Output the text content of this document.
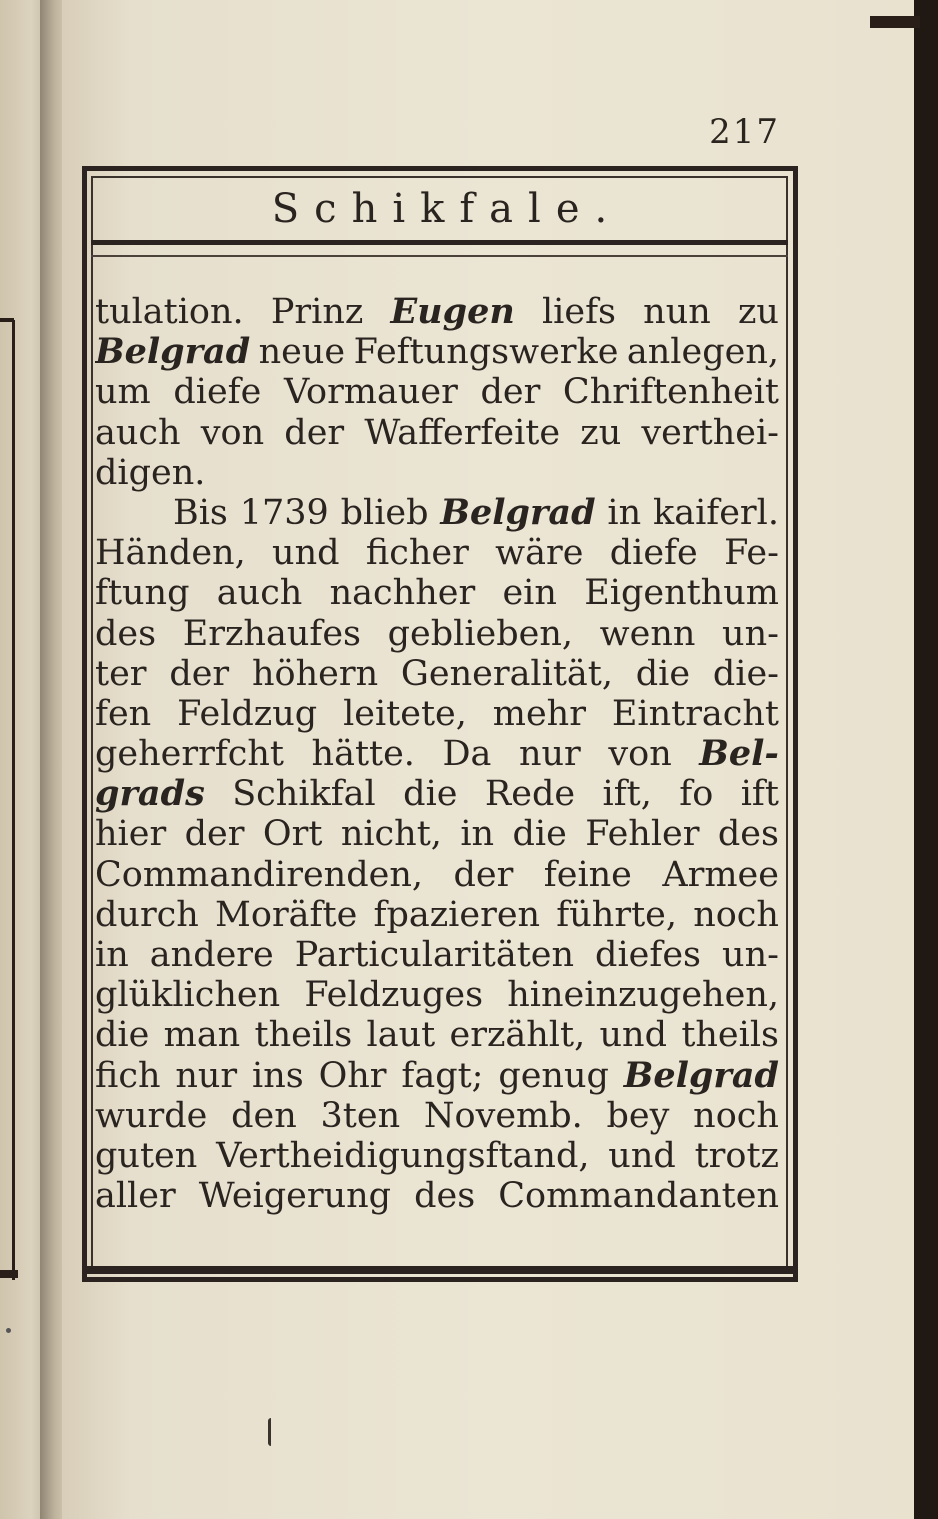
217
Schikfale.
tulation. Prinz Eugen liefs nun zu
Belgrad neue Feftungswerke anlegen,
um diefe Vormauer der Chriftenheit
auch von der Wafferfeite zu verthei-
digen.
Bis 1739 blieb Belgrad in kaiferl.
Händen, und ficher wäre diefe Fe-
ftung auch nachher ein Eigenthum
des Erzhaufes geblieben, wenn un-
ter der höhern Generalität, die die-
fen Feldzug leitete, mehr Eintracht
geherrfcht hätte. Da nur von Bel-
grads Schikfal die Rede ift, fo ift
hier der Ort nicht, in die Fehler des
Commandirenden, der feine Armee
durch Moräfte fpazieren führte, noch
in andere Particularitäten diefes un-
glüklichen Feldzuges hineinzugehen,
die man theils laut erzählt, und theils
fich nur ins Ohr fagt; genug Belgrad
wurde den 3ten Novemb. bey noch
guten Vertheidigungsftand, und trotz
aller Weigerung des Commandanten
